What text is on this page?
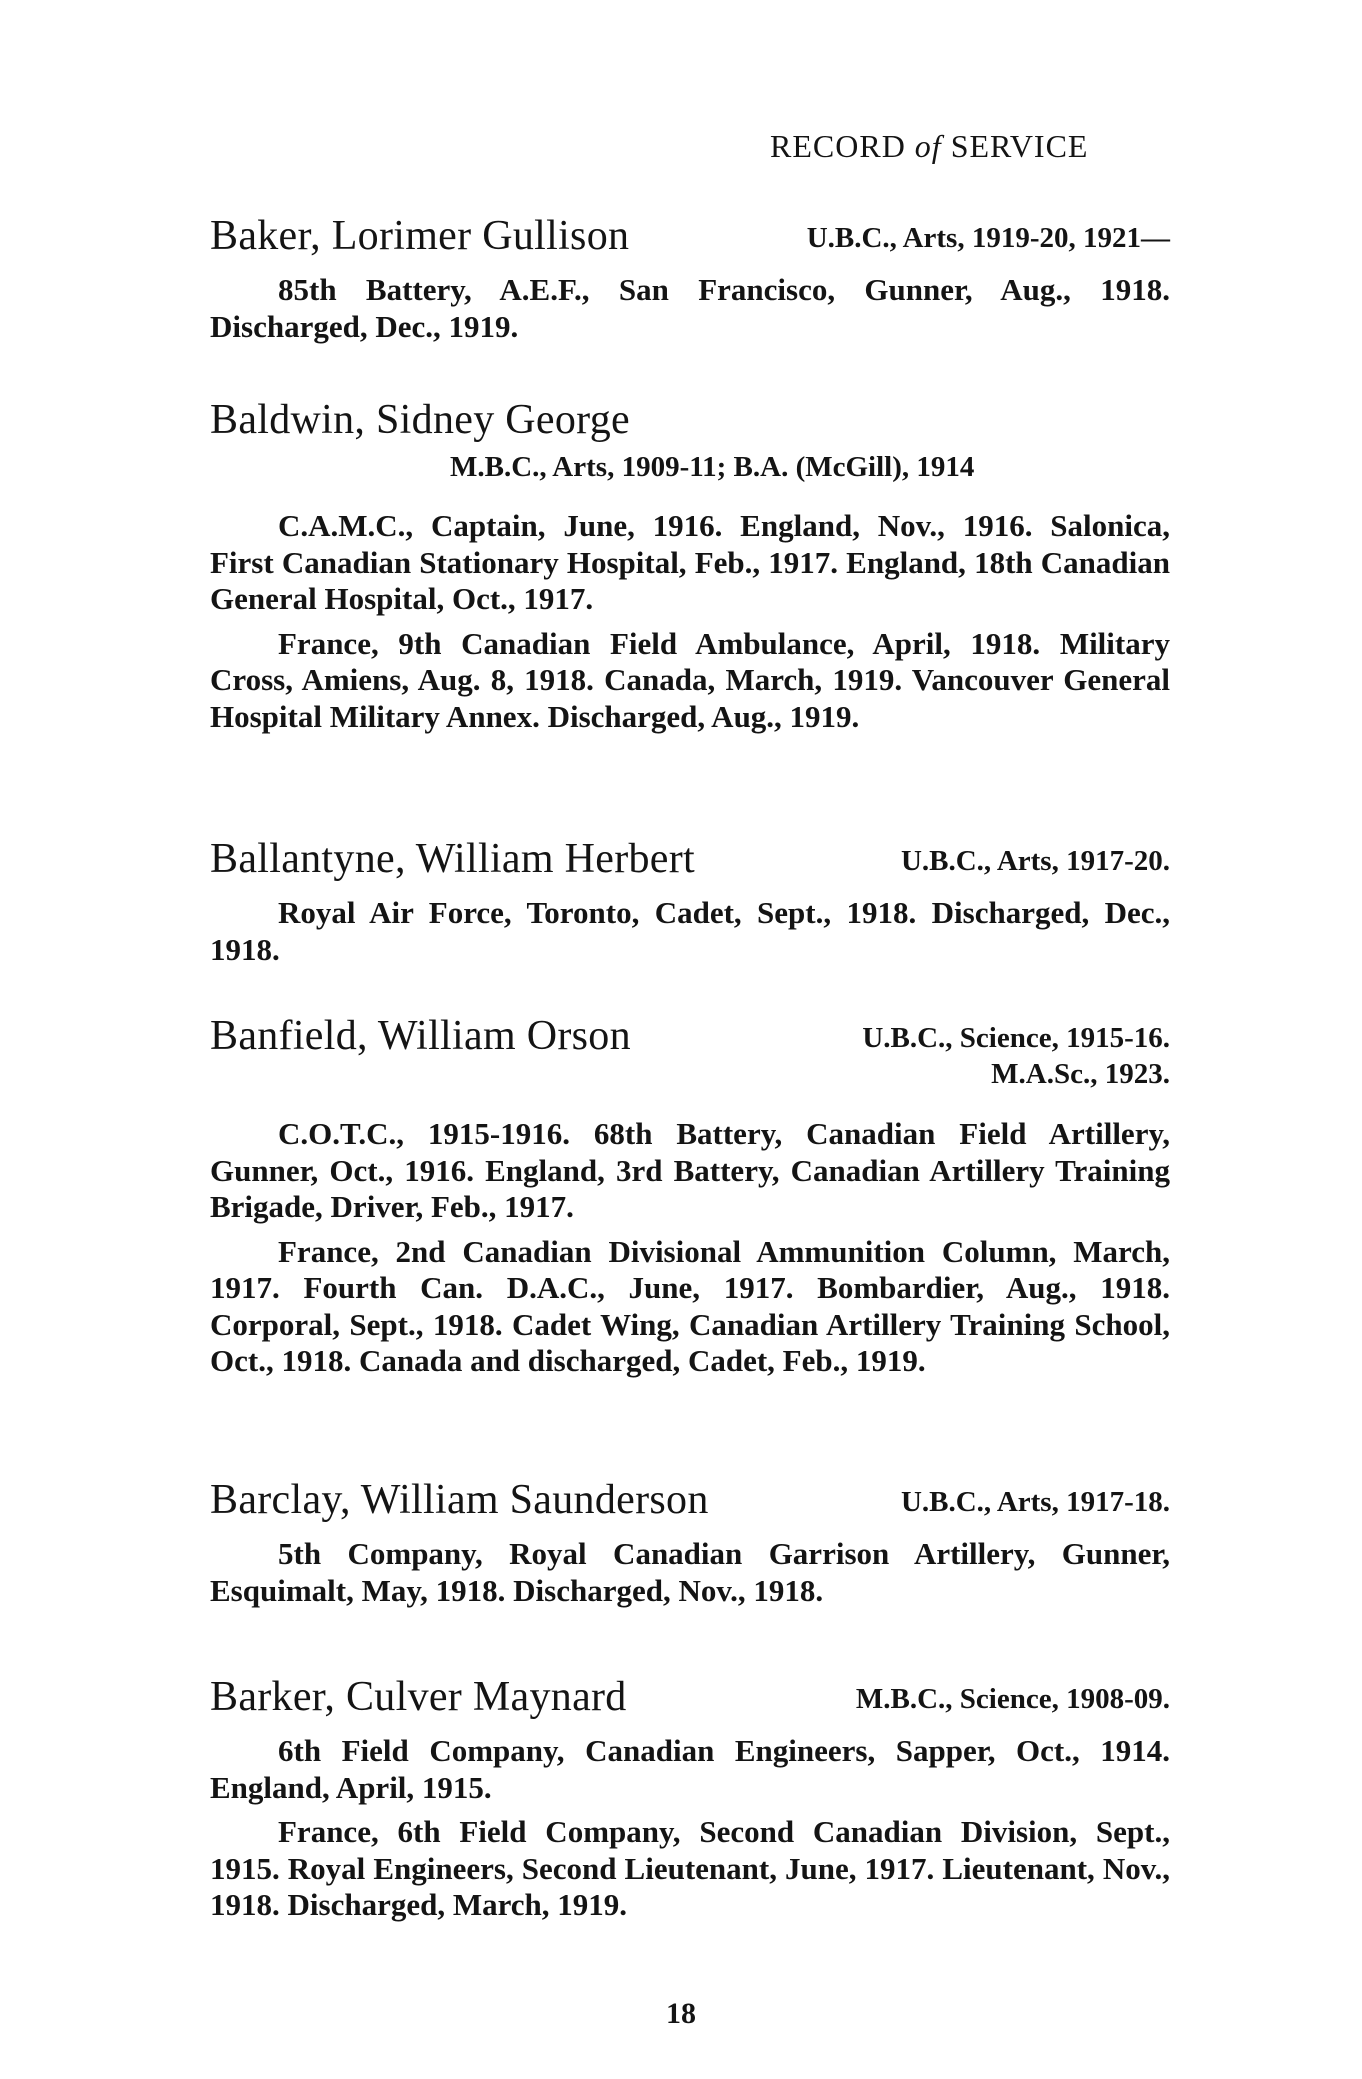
RECORD of SERVICE
Baker, Lorimer Gullison	U.B.C., Arts, 1919-20, 1921—

85th Battery, A.E.F., San Francisco, Gunner, Aug., 1918. Discharged, Dec., 1919.

Baldwin, Sidney George
M.B.C., Arts, 1909-11; B.A. (McGill), 1914

C.A.M.C., Captain, June, 1916. England, Nov., 1916. Salonica, First Canadian Stationary Hospital, Feb., 1917. England, 18th Canadian General Hospital, Oct., 1917.

France, 9th Canadian Field Ambulance, April, 1918. Military Cross, Amiens, Aug. 8, 1918. Canada, March, 1919. Vancouver General Hospital Military Annex. Discharged, Aug., 1919.

Ballantyne, William Herbert	U.B.C., Arts, 1917-20.

Royal Air Force, Toronto, Cadet, Sept., 1918. Discharged, Dec., 1918.

Banfield, William Orson	U.B.C., Science, 1915-16.
M.A.Sc., 1923.

C.O.T.C., 1915-1916. 68th Battery, Canadian Field Artillery, Gunner, Oct., 1916. England, 3rd Battery, Canadian Artillery Training Brigade, Driver, Feb., 1917.

France, 2nd Canadian Divisional Ammunition Column, March, 1917. Fourth Can. D.A.C., June, 1917. Bombardier, Aug., 1918. Corporal, Sept., 1918. Cadet Wing, Canadian Artillery Training School, Oct., 1918. Canada and discharged, Cadet, Feb., 1919.

Barclay, William Saunderson	U.B.C., Arts, 1917-18.

5th Company, Royal Canadian Garrison Artillery, Gunner, Esquimalt, May, 1918. Discharged, Nov., 1918.

Barker, Culver Maynard	M.B.C., Science, 1908-09.

6th Field Company, Canadian Engineers, Sapper, Oct., 1914. England, April, 1915.

France, 6th Field Company, Second Canadian Division, Sept., 1915. Royal Engineers, Second Lieutenant, June, 1917. Lieutenant, Nov., 1918. Discharged, March, 1919.

18
